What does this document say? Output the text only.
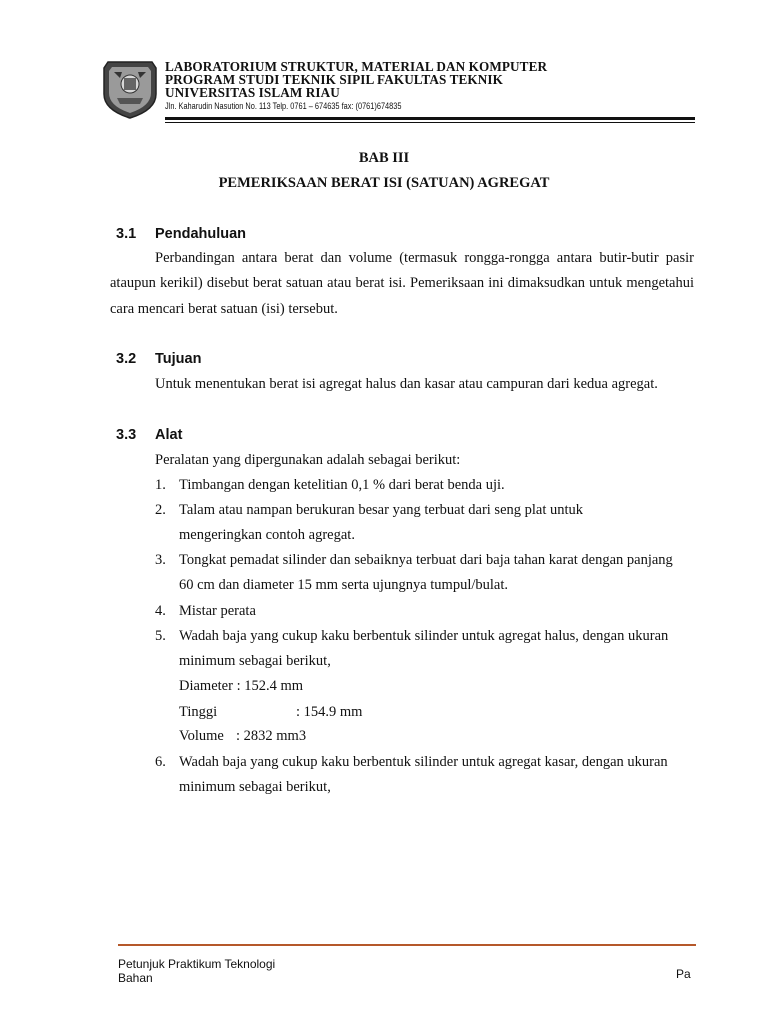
LABORATORIUM STRUKTUR, MATERIAL DAN KOMPUTER
PROGRAM STUDI TEKNIK SIPIL FAKULTAS TEKNIK
UNIVERSITAS ISLAM RIAU
Jln. Kaharudin Nasution No. 113 Telp. 0761 – 674635 fax: (0761)674835
BAB III
PEMERIKSAAN BERAT ISI (SATUAN) AGREGAT
3.1 Pendahuluan

Perbandingan antara berat dan volume (termasuk rongga-rongga antara butir-butir pasir ataupun kerikil) disebut berat satuan atau berat isi. Pemeriksaan ini dimaksudkan untuk mengetahui cara mencari berat satuan (isi) tersebut.

3.2 Tujuan
Untuk menentukan berat isi agregat halus dan kasar atau campuran dari kedua agregat.
3.3 Alat
Peralatan yang dipergunakan adalah sebagai berikut:
1. Timbangan dengan ketelitian 0,1 % dari berat benda uji.

2. Talam atau nampan berukuran besar yang terbuat dari seng plat untuk mengeringkan contoh agregat.

3. Tongkat pemadat silinder dan sebaiknya terbuat dari baja tahan karat dengan panjang 60 cm dan diameter 15 mm serta ujungnya tumpul/bulat.

4. Mistar perata

5. Wadah baja yang cukup kaku berbentuk silinder untuk agregat halus, dengan ukuran minimum sebagai berikut,

Diameter : 152.4 mm
Tinggi	: 154.9 mm
Volume : 2832 mm3
6. Wadah baja yang cukup kaku berbentuk silinder untuk agregat kasar, dengan ukuran minimum sebagai berikut,

Petunjuk Praktikum Teknologi Bahan	Pa
